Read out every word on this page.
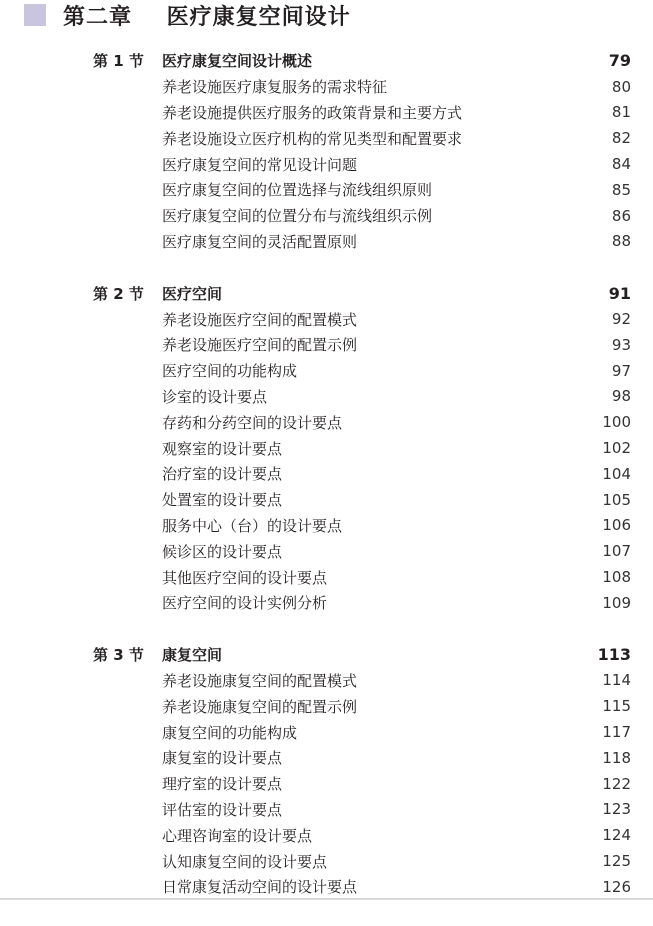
第二章    医疗康复空间设计
第 1 节 医疗康复空间设计概述	79
养老设施医疗康复服务的需求特征	80
养老设施提供医疗服务的政策背景和主要方式	81
养老设施设立医疗机构的常见类型和配置要求	82
医疗康复空间的常见设计问题	84
医疗康复空间的位置选择与流线组织原则	85
医疗康复空间的位置分布与流线组织示例	86
医疗康复空间的灵活配置原则	88
第 2 节 医疗空间	91
养老设施医疗空间的配置模式	92
养老设施医疗空间的配置示例	93
医疗空间的功能构成	97
诊室的设计要点	98
存药和分药空间的设计要点	100
观察室的设计要点	102
治疗室的设计要点	104
处置室的设计要点	105
服务中心（台）的设计要点	106
候诊区的设计要点	107
其他医疗空间的设计要点	108
医疗空间的设计实例分析	109
第 3 节 康复空间	113
养老设施康复空间的配置模式	114
养老设施康复空间的配置示例	115
康复空间的功能构成	117
康复室的设计要点	118
理疗室的设计要点	122
评估室的设计要点	123
心理咨询室的设计要点	124
认知康复空间的设计要点	125
日常康复活动空间的设计要点	126
